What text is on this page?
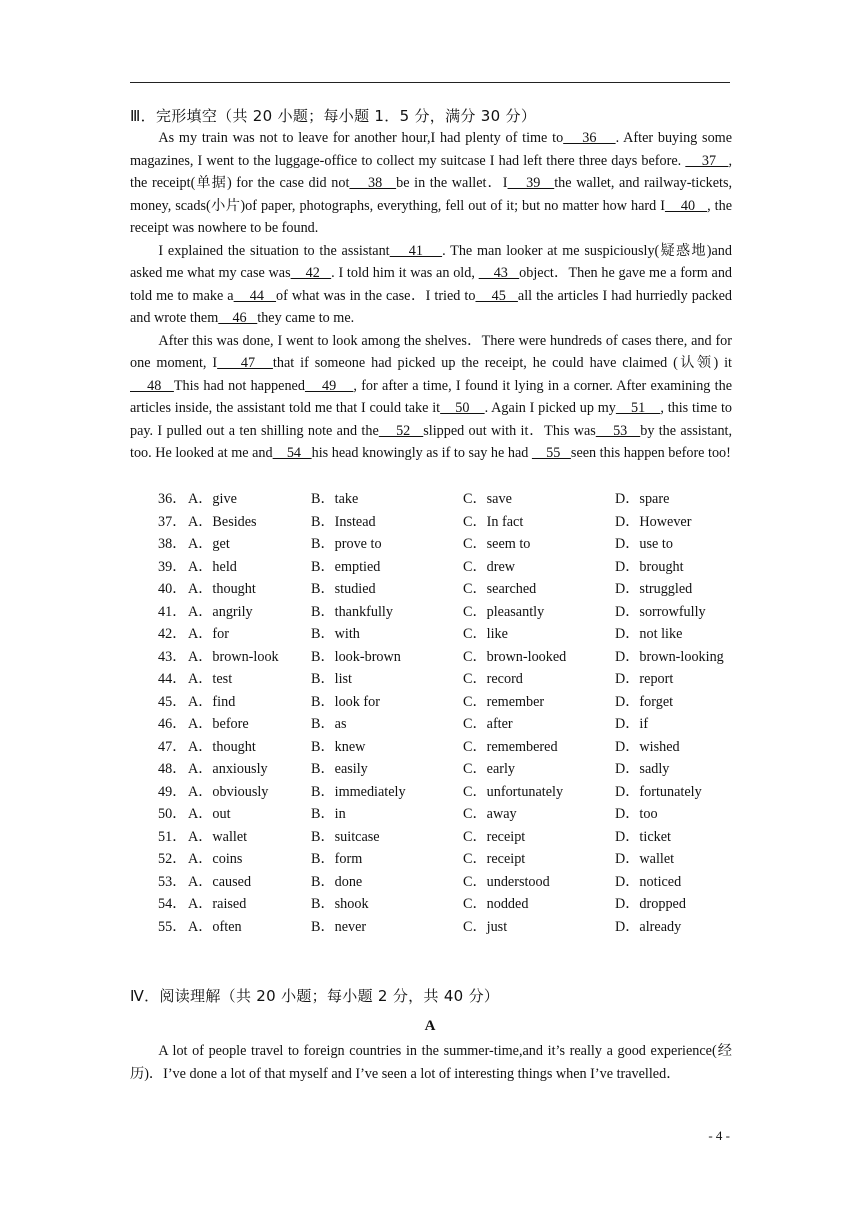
Ⅲ．完形填空（共 20 小题；每小题 1．5 分，满分 30 分）

As my train was not to leave for another hour,I had plenty of time to    36    . After buying some magazines, I went to the luggage-office to collect my suitcase I had left there three days before.     37   , the receipt(单据) for the case did not    38   be in the wallet．I    39   the wallet, and railway-tickets, money, scads(小片)of paper, photographs, everything, fell out of it; but no matter how hard I    40   , the receipt was nowhere to be found.

I explained the situation to the assistant    41    . The man looker at me suspiciously(疑惑地)and asked me what my case was    42   . I told him it was an old,     43   object．Then he gave me a form and told me to make a    44   of what was in the case．I tried to    45   all the articles I had hurriedly packed and wrote them    46   they came to me.

After this was done, I went to look among the shelves．There were hundreds of cases there, and for one moment, I    47   that if someone had picked up the receipt, he could have claimed (认领) it    48   This had not happened    49    , for after a time, I found it lying in a corner. After examining the articles inside, the assistant told me that I could take it    50    . Again I picked up my    51    , this time to pay. I pulled out a ten shilling note and the    52   slipped out with it．This was    53   by the assistant, too. He looked at me and    54   his head knowingly as if to say he had     55   seen this happen before too!

36． A．give	B．take	C．save	D．spare
37． A．Besides	B．Instead	C．In fact	D．However
38． A．get	B．prove to	C．seem to	D．use to
39． A．held	B．emptied	C．drew	D．brought
40． A．thought	B．studied	C．searched	D．struggled
41． A．angrily	B．thankfully	C．pleasantly	D．sorrowfully
42． A．for	B．with	C．like	D．not like
43． A．brown-look B．look-brown	C．brown-looked	D．brown-looking
44． A．test	B．list	C．record	D．report
45． A．find	B．look for	C．remember	D．forget
46． A．before	B．as	C．after	D．if
47． A．thought	B．knew	C．remembered	D．wished
48． A．anxiously	B．easily	C．early	D．sadly
49． A．obviously	B．immediately	C．unfortunately	D．fortunately
50． A．out	B．in	C．away	D．too
51． A．wallet	B．suitcase	C．receipt	D．ticket
52． A．coins	B．form	C．receipt	D．wallet
53． A．caused	B．done	C．understood	D．noticed
54． A．raised	B．shook	C．nodded	D．dropped
55． A．often	B．never	C．just	D．already
Ⅳ．阅读理解（共 20 小题；每小题 2 分，共 40 分）
A

A lot of people travel to foreign countries in the summer-time,and it’s really a good experience(经历)．I’ve done a lot of that myself and I’ve seen a lot of interesting things when I’ve travelled．

- 4 -
